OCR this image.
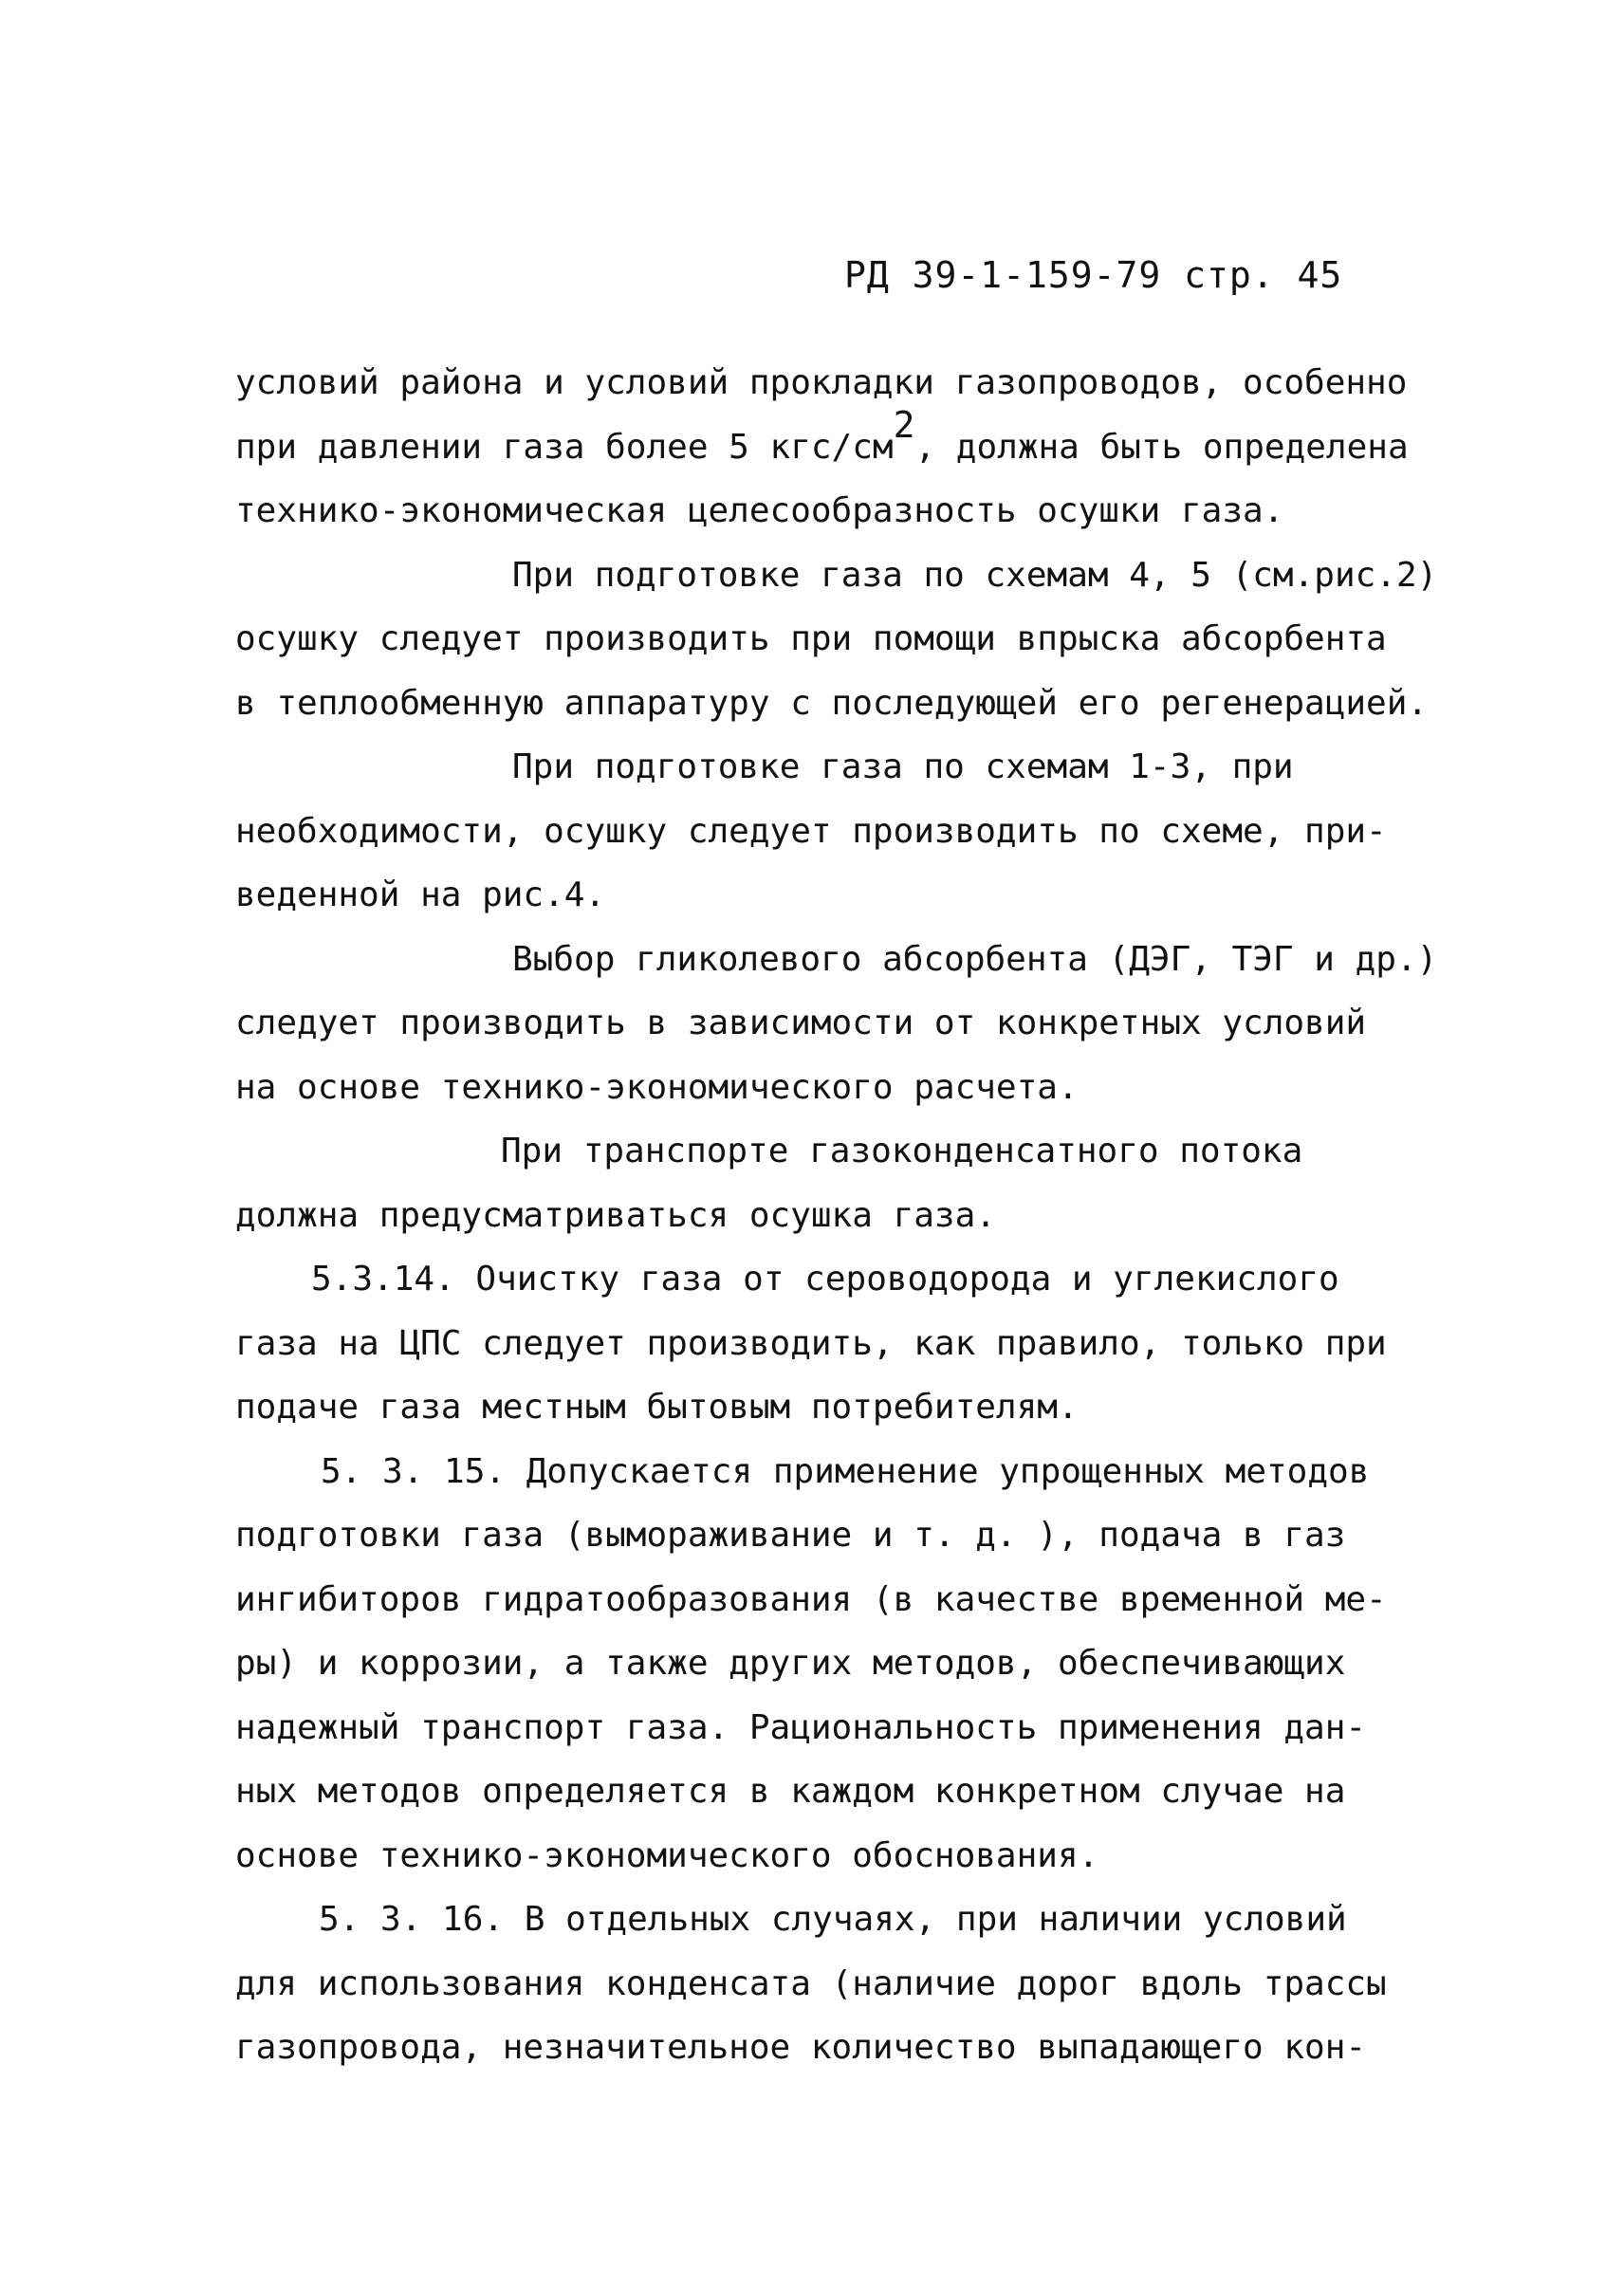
РД 39-1-159-79 стр. 45
условий района и условий прокладки газопроводов, особенно
при давлении газа более 5 кгс/$см^2$, должна быть определена
технико-экономическая целесообразность осушки газа.
При подготовке газа по схемам 4, 5 (см.рис.2)
осушку следует производить при помощи впрыска абсорбента
в теплообменную аппаратуру с последующей его регенерацией.
При подготовке газа по схемам 1-3, при
необходимости, осушку следует производить по схеме, при-
веденной на рис.4.
Выбор гликолевого абсорбента (ДЭГ, ТЭГ и др.)
следует производить в зависимости от конкретных условий
на основе технико-экономического расчета.
При транспорте газоконденсатного потока
должна предусматриваться осушка газа.
5.3.14. Очистку газа от сероводорода и углекислого
газа на ЦПС следует производить, как правило, только при
подаче газа местным бытовым потребителям.
5. 3. 15. Допускается применение упрощенных методов
подготовки газа (вымораживание и т. д. ), подача в газ
ингибиторов гидратообразования (в качестве временной ме-
ры) и коррозии, а также других методов, обеспечивающих
надежный транспорт газа. Рациональность применения дан-
ных методов определяется в каждом конкретном случае на
основе технико-экономического обоснования.
5. 3. 16. В отдельных случаях, при наличии условий
для использования конденсата (наличие дорог вдоль трассы
газопровода, незначительное количество выпадающего кон-
